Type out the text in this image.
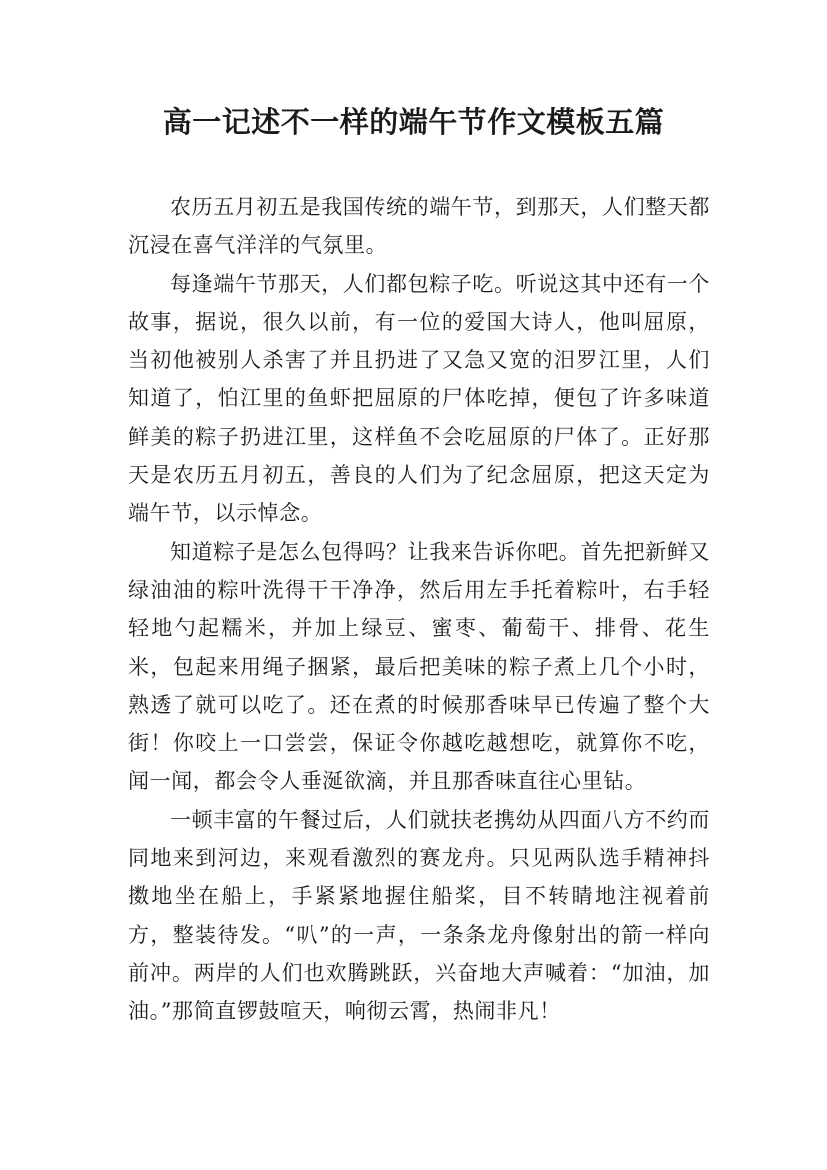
高一记述不一样的端午节作文模板五篇

农历五月初五是我国传统的端午节，到那天，人们整天都沉浸在喜气洋洋的气氛里。

每逢端午节那天，人们都包粽子吃。听说这其中还有一个故事，据说，很久以前，有一位的爱国大诗人，他叫屈原，当初他被别人杀害了并且扔进了又急又宽的汨罗江里，人们知道了，怕江里的鱼虾把屈原的尸体吃掉，便包了许多味道鲜美的粽子扔进江里，这样鱼不会吃屈原的尸体了。正好那天是农历五月初五，善良的人们为了纪念屈原，把这天定为端午节，以示悼念。

知道粽子是怎么包得吗？让我来告诉你吧。首先把新鲜又绿油油的粽叶洗得干干净净，然后用左手托着粽叶，右手轻轻地勺起糯米，并加上绿豆、蜜枣、葡萄干、排骨、花生米，包起来用绳子捆紧，最后把美味的粽子煮上几个小时，熟透了就可以吃了。还在煮的时候那香味早已传遍了整个大街！你咬上一口尝尝，保证令你越吃越想吃，就算你不吃，闻一闻，都会令人垂涎欲滴，并且那香味直往心里钻。

一顿丰富的午餐过后，人们就扶老携幼从四面八方不约而同地来到河边，来观看激烈的赛龙舟。只见两队选手精神抖擞地坐在船上，手紧紧地握住船桨，目不转睛地注视着前方，整装待发。“叭”的一声，一条条龙舟像射出的箭一样向前冲。两岸的人们也欢腾跳跃，兴奋地大声喊着：“加油，加油。”那简直锣鼓喧天，响彻云霄，热闹非凡！
